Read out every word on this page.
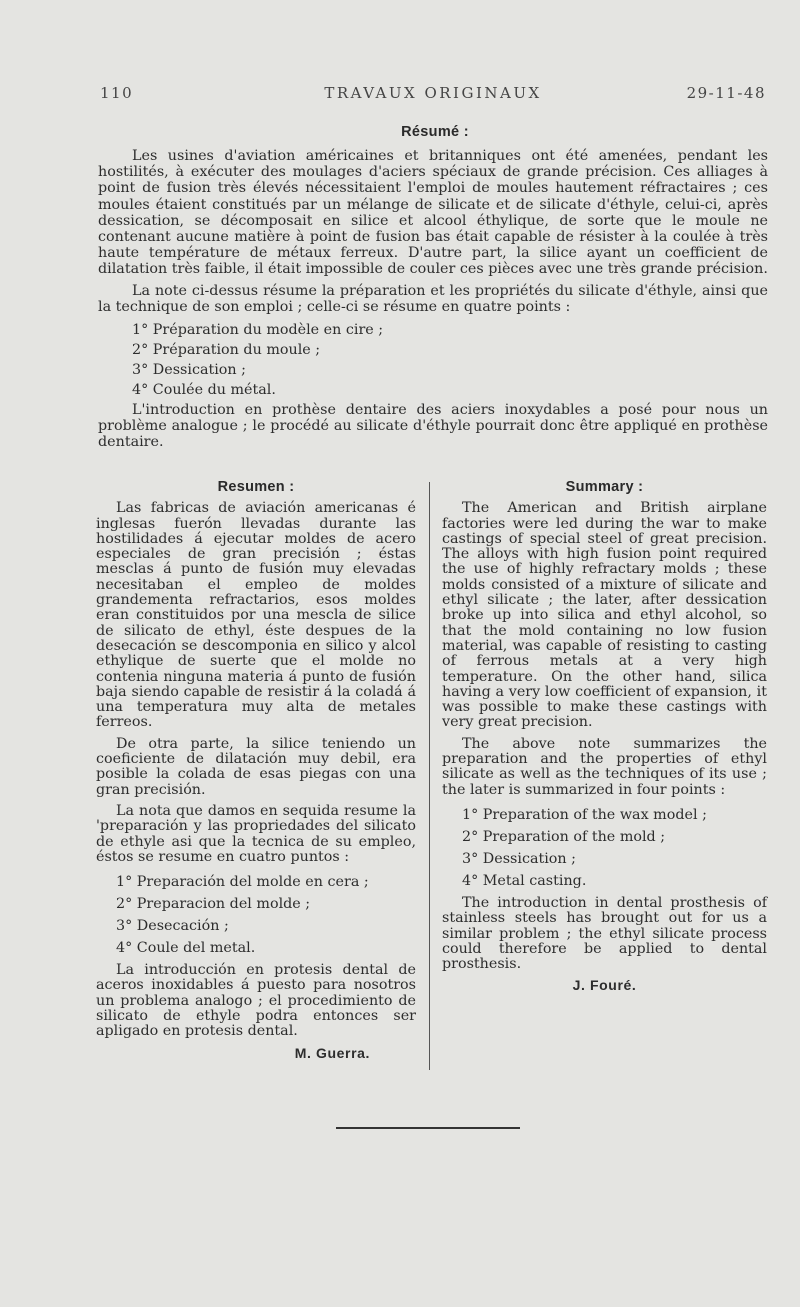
110	TRAVAUX ORIGINAUX	29-11-48
Résumé :

Les usines d'aviation américaines et britanniques ont été amenées, pendant les hostilités, à exécuter des moulages d'aciers spéciaux de grande précision. Ces alliages à point de fusion très élevés nécessitaient l'emploi de moules hautement réfractaires ; ces moules étaient constitués par un mélange de silicate et de silicate d'éthyle, celui-ci, après dessication, se décomposait en silice et alcool éthylique, de sorte que le moule ne contenant aucune matière à point de fusion bas était capable de résister à la coulée à très haute température de métaux ferreux. D'autre part, la silice ayant un coefficient de dilatation très faible, il était impossible de couler ces pièces avec une très grande précision.

La note ci-dessus résume la préparation et les propriétés du silicate d'éthyle, ainsi que la technique de son emploi ; celle-ci se résume en quatre points :

1° Préparation du modèle en cire ;
2° Préparation du moule ;
3° Dessication ;
4° Coulée du métal.

L'introduction en prothèse dentaire des aciers inoxydables a posé pour nous un problème analogue ; le procédé au silicate d'éthyle pourrait donc être appliqué en prothèse dentaire.

Resumen :

Las fabricas de aviación americanas é inglesas fuerón llevadas durante las hostilidades á ejecutar moldes de acero especiales de gran precisión ; éstas mesclas á punto de fusión muy elevadas necesitaban el empleo de moldes grandementa refractarios, esos moldes eran constituidos por una mescla de silice de silicato de ethyl, éste despues de la desecación se descomponia en silico y alcol ethylique de suerte que el molde no contenia ninguna materia á punto de fusión baja siendo capable de resistir á la coladá á una temperatura muy alta de metales ferreos.

De otra parte, la silice teniendo un coeficiente de dilatación muy debil, era posible la colada de esas piegas con una gran precisión.

La nota que damos en sequida resume la 'preparación y las propriedades del silicato de ethyle asi que la tecnica de su empleo, éstos se resume en cuatro puntos :

1° Preparación del molde en cera ;
2° Preparacion del molde ;
3° Desecación ;
4° Coule del metal.

La introducción en protesis dental de aceros inoxidables á puesto para nosotros un problema analogo ; el procedimiento de silicato de ethyle podra entonces ser apligado en protesis dental.

M. Guerra.
Summary :

The American and British airplane factories were led during the war to make castings of special steel of great precision. The alloys with high fusion point required the use of highly refractary molds ; these molds consisted of a mixture of silicate and ethyl silicate ; the later, after dessication broke up into silica and ethyl alcohol, so that the mold containing no low fusion material, was capable of resisting to casting of ferrous metals at a very high temperature. On the other hand, silica having a very low coefficient of expansion, it was possible to make these castings with very great precision.

The above note summarizes the preparation and the properties of ethyl silicate as well as the techniques of its use ; the later is summarized in four points :

1° Preparation of the wax model ;
2° Preparation of the mold ;
3° Dessication ;
4° Metal casting.

The introduction in dental prosthesis of stainless steels has brought out for us a similar problem ; the ethyl silicate process could therefore be applied to dental prosthesis.

J. Fouré.
